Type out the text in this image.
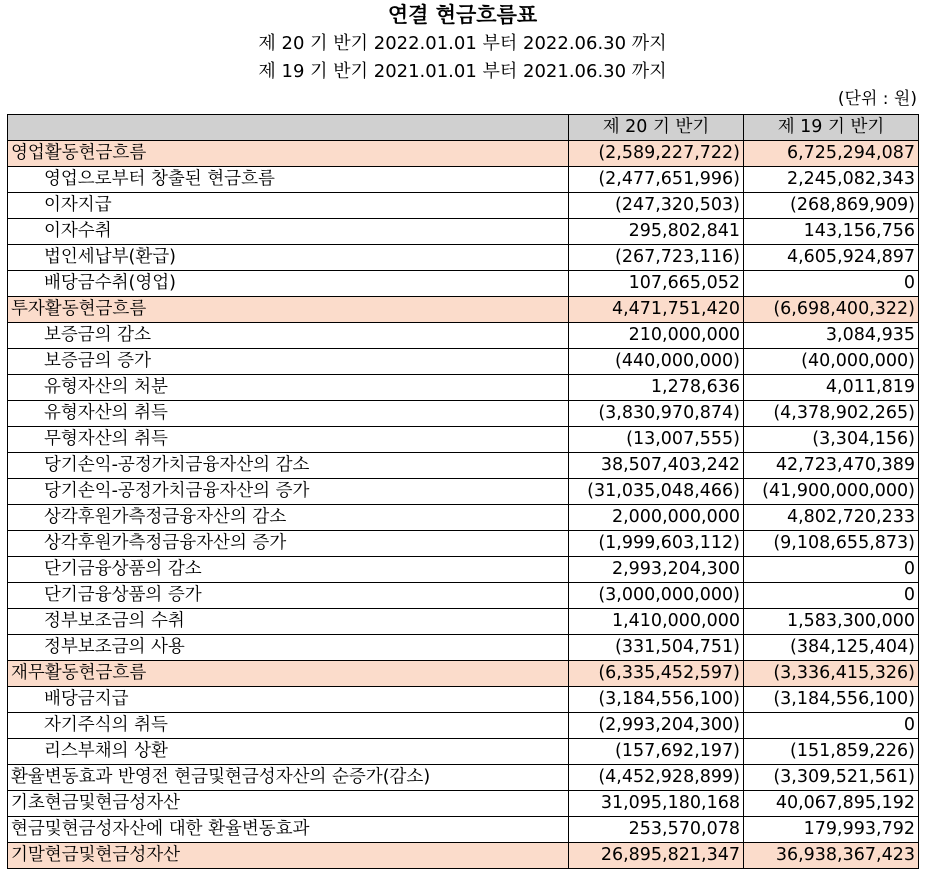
연결 현금흐름표
제 20 기 반기 2022.01.01 부터 2022.06.30 까지
제 19 기 반기 2021.01.01 부터 2021.06.30 까지
(단위 : 원)
	제 20 기 반기	제 19 기 반기
영업활동현금흐름	(2,589,227,722)	6,725,294,087
영업으로부터 창출된 현금흐름	(2,477,651,996)	2,245,082,343
이자지급	(247,320,503)	(268,869,909)
이자수취	295,802,841	143,156,756
법인세납부(환급)	(267,723,116)	4,605,924,897
배당금수취(영업)	107,665,052	0
투자활동현금흐름	4,471,751,420	(6,698,400,322)
보증금의 감소	210,000,000	3,084,935
보증금의 증가	(440,000,000)	(40,000,000)
유형자산의 처분	1,278,636	4,011,819
유형자산의 취득	(3,830,970,874)	(4,378,902,265)
무형자산의 취득	(13,007,555)	(3,304,156)
당기손익-공정가치금융자산의 감소	38,507,403,242	42,723,470,389
당기손익-공정가치금융자산의 증가	(31,035,048,466)	(41,900,000,000)
상각후원가측정금융자산의 감소	2,000,000,000	4,802,720,233
상각후원가측정금융자산의 증가	(1,999,603,112)	(9,108,655,873)
단기금융상품의 감소	2,993,204,300	0
단기금융상품의 증가	(3,000,000,000)	0
정부보조금의 수취	1,410,000,000	1,583,300,000
정부보조금의 사용	(331,504,751)	(384,125,404)
재무활동현금흐름	(6,335,452,597)	(3,336,415,326)
배당금지급	(3,184,556,100)	(3,184,556,100)
자기주식의 취득	(2,993,204,300)	0
리스부채의 상환	(157,692,197)	(151,859,226)
환율변동효과 반영전 현금및현금성자산의 순증가(감소)	(4,452,928,899)	(3,309,521,561)
기초현금및현금성자산	31,095,180,168	40,067,895,192
현금및현금성자산에 대한 환율변동효과	253,570,078	179,993,792
기말현금및현금성자산	26,895,821,347	36,938,367,423
